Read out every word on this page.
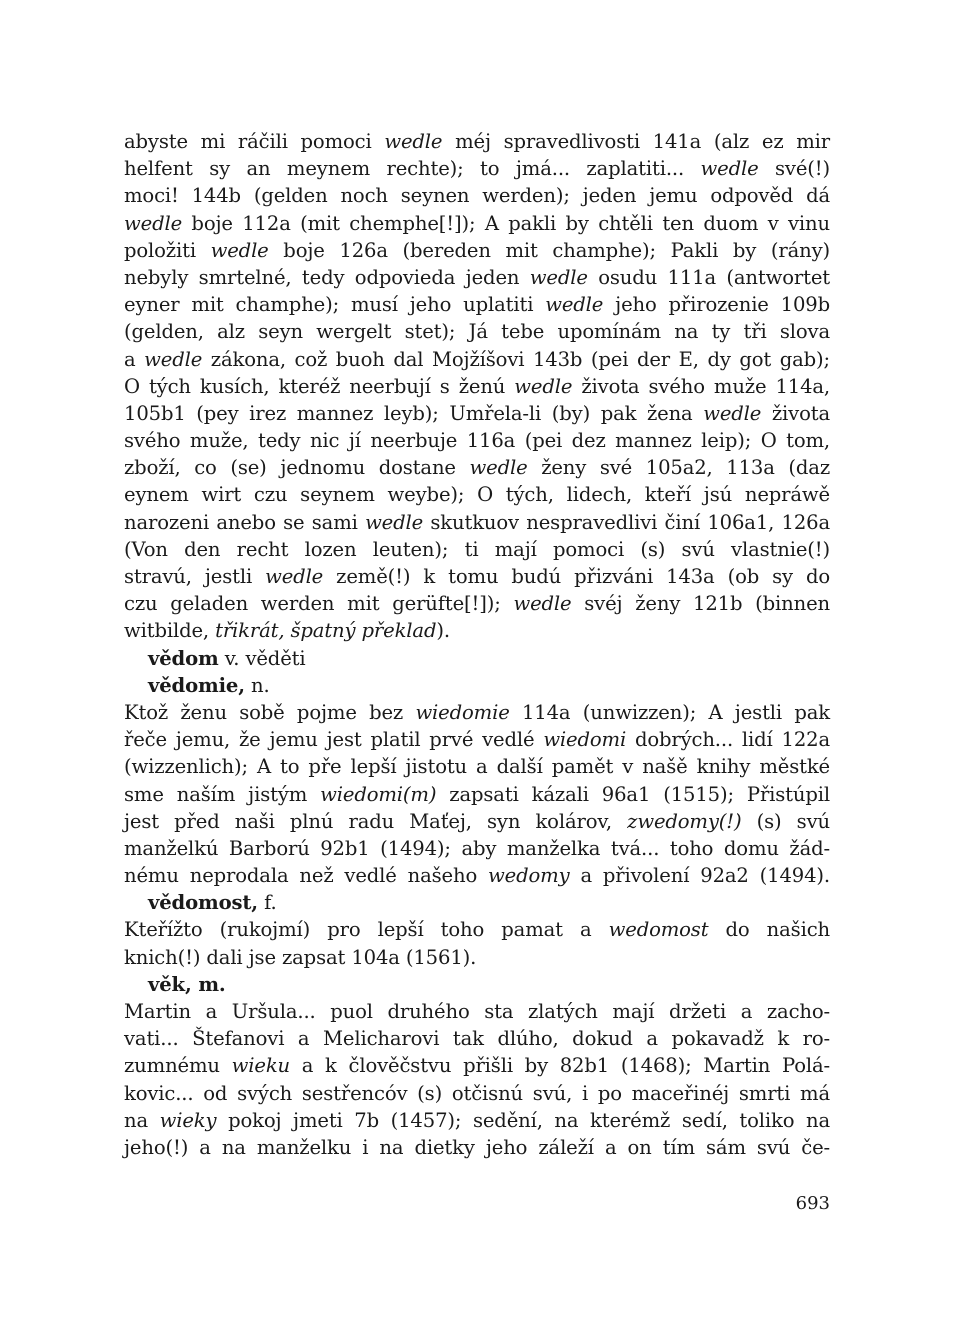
abyste mi ráčili pomoci wedle méj spravedlivosti 141a (alz ez mir
helfent sy an meynem rechte); to jmá... zaplatiti... wedle své(!)
moci! 144b (gelden noch seynen werden); jeden jemu odpověd dá
wedle boje 112a (mit chemphe[!]); A pakli by chtěli ten duom v vinu
položiti wedle boje 126a (bereden mit champhe); Pakli by (rány)
nebyly smrtelné, tedy odpovieda jeden wedle osudu 111a (antwortet
eyner mit champhe); musí jeho uplatiti wedle jeho přirozenie 109b
(gelden, alz seyn wergelt stet); Já tebe upomínám na ty tři slova
a wedle zákona, což buoh dal Mojžíšovi 143b (pei der E, dy got gab);
O tých kusích, kteréž neerbují s ženú wedle života svého muže 114a,
105b1 (pey irez mannez leyb); Umřela-li (by) pak žena wedle života
svého muže, tedy nic jí neerbuje 116a (pei dez mannez leip); O tom,
zboží, co (se) jednomu dostane wedle ženy své 105a2, 113a (daz
eynem wirt czu seynem weybe); O tých, lidech, kteří jsú nepráwě
narozeni anebo se sami wedle skutkuov nespravedlivi činí 106a1, 126a
(Von den recht lozen leuten); ti mají pomoci (s) svú vlastnie(!)
stravú, jestli wedle země(!) k tomu budú přizváni 143a (ob sy do
czu geladen werden mit gerüfte[!]); wedle svéj ženy 121b (binnen
witbilde, třikrát, špatný překlad).
vědom v. věděti
vědomie, n.
Ktož ženu sobě pojme bez wiedomie 114a (unwizzen); A jestli pak
řeče jemu, že jemu jest platil prvé vedlé wiedomi dobrých... lidí 122a
(wizzenlich); A to pře lepší jistotu a další pamět v našě knihy městké
sme naším jistým wiedomi(m) zapsati kázali 96a1 (1515); Přistúpil
jest před naši plnú radu Maťej, syn kolárov, zwedomy(!) (s) svú
manželkú Barború 92b1 (1494); aby manželka tvá... toho domu žád-
nému neprodala než vedlé našeho wedomy a přivolení 92a2 (1494).
vědomost, f.
Kteřížto (rukojmí) pro lepší toho pamat a wedomost do našich
knich(!) dali jse zapsat 104a (1561).
věk, m.
Martin a Uršula... puol druhého sta zlatých mají držeti a zacho-
vati... Štefanovi a Melicharovi tak dlúho, dokud a pokavadž k ro-
zumnému wieku a k člověčstvu přišli by 82b1 (1468); Martin Polá-
kovic... od svých sestřencóv (s) otčisnú svú, i po maceřinéj smrti má
na wieky pokoj jmeti 7b (1457); sedění, na kterémž sedí, toliko na
jeho(!) a na manželku i na dietky jeho záleží a on tím sám svú če-
693
